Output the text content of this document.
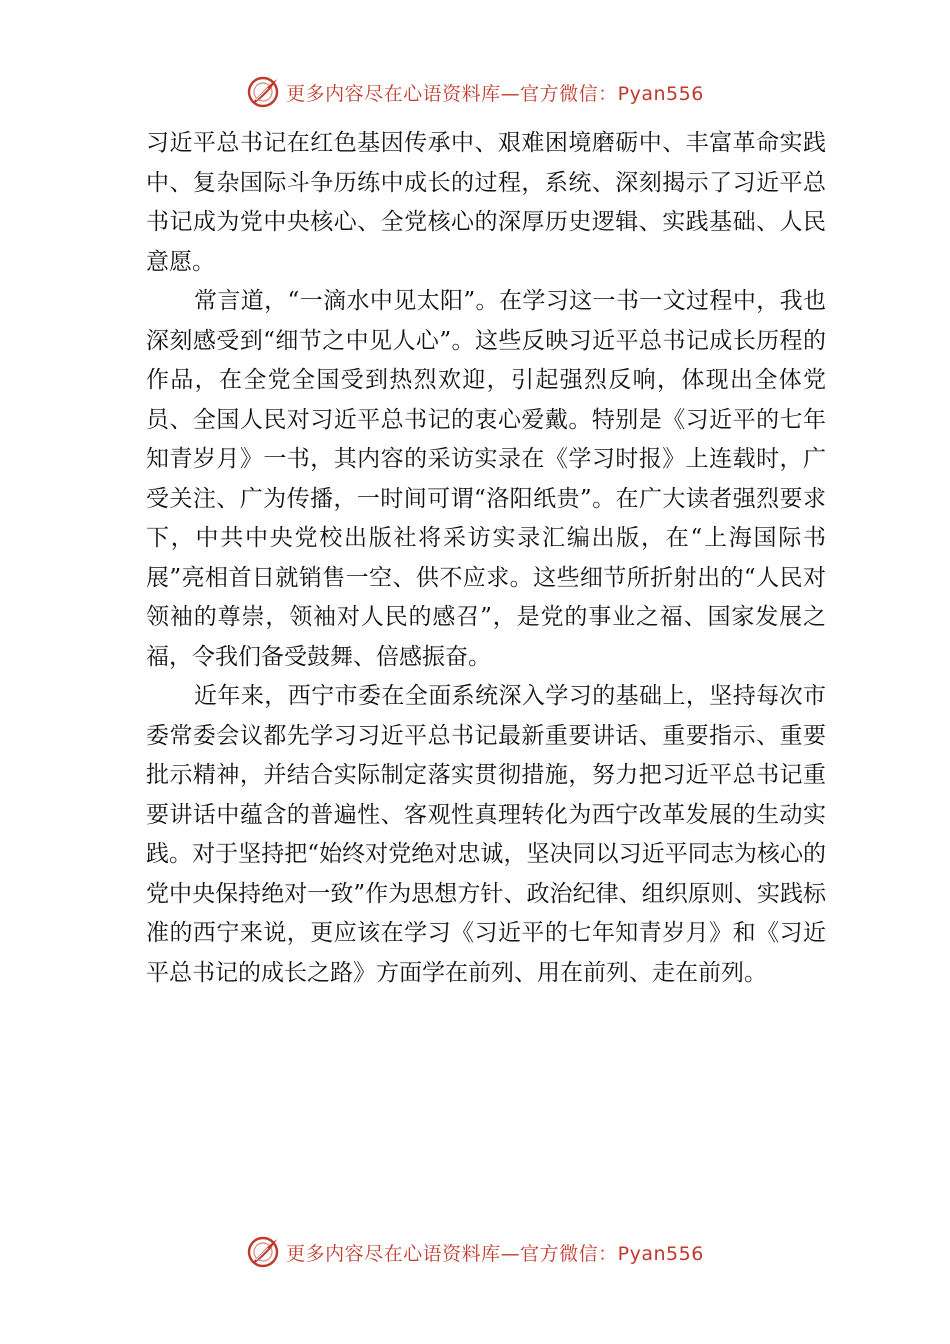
更多内容尽在心语资料库—官方微信：Pyan556

习近平总书记在红色基因传承中、艰难困境磨砺中、丰富革命实践中、复杂国际斗争历练中成长的过程，系统、深刻揭示了习近平总书记成为党中央核心、全党核心的深厚历史逻辑、实践基础、人民意愿。

常言道，“一滴水中见太阳”。在学习这一书一文过程中，我也深刻感受到“细节之中见人心”。这些反映习近平总书记成长历程的作品，在全党全国受到热烈欢迎，引起强烈反响，体现出全体党员、全国人民对习近平总书记的衷心爱戴。特别是《习近平的七年知青岁月》一书，其内容的采访实录在《学习时报》上连载时，广受关注、广为传播，一时间可谓“洛阳纸贵”。在广大读者强烈要求下，中共中央党校出版社将采访实录汇编出版，在“上海国际书展”亮相首日就销售一空、供不应求。这些细节所折射出的“人民对领袖的尊崇，领袖对人民的感召”，是党的事业之福、国家发展之福，令我们备受鼓舞、倍感振奋。

近年来，西宁市委在全面系统深入学习的基础上，坚持每次市委常委会议都先学习习近平总书记最新重要讲话、重要指示、重要批示精神，并结合实际制定落实贯彻措施，努力把习近平总书记重要讲话中蕴含的普遍性、客观性真理转化为西宁改革发展的生动实践。对于坚持把“始终对党绝对忠诚，坚决同以习近平同志为核心的党中央保持绝对一致”作为思想方针、政治纪律、组织原则、实践标准的西宁来说，更应该在学习《习近平的七年知青岁月》和《习近平总书记的成长之路》方面学在前列、用在前列、走在前列。

更多内容尽在心语资料库—官方微信：Pyan556
